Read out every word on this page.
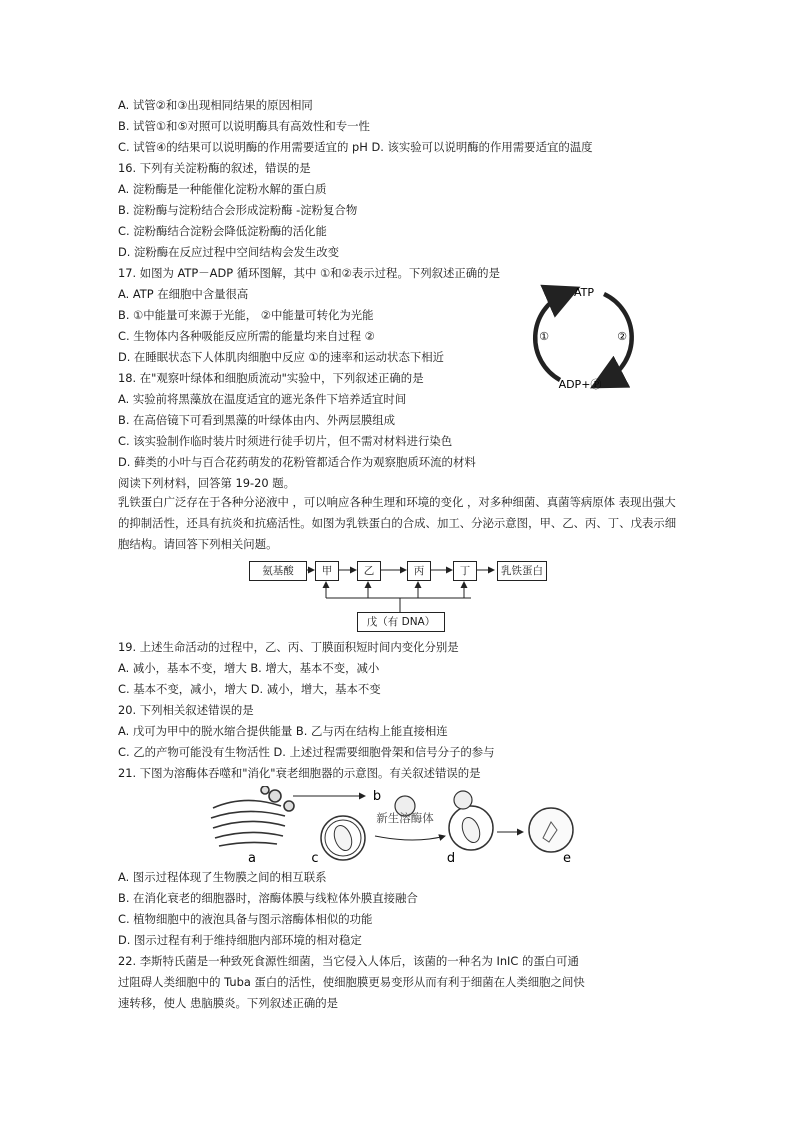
A. 试管②和③出现相同结果的原因相同
B. 试管①和⑤对照可以说明酶具有高效性和专一性
C. 试管④的结果可以说明酶的作用需要适宜的 pH D. 该实验可以说明酶的作用需要适宜的温度
16. 下列有关淀粉酶的叙述，错误的是
A. 淀粉酶是一种能催化淀粉水解的蛋白质
B. 淀粉酶与淀粉结合会形成淀粉酶 -淀粉复合物
C. 淀粉酶结合淀粉会降低淀粉酶的活化能
D. 淀粉酶在反应过程中空间结构会发生改变
17. 如图为 ATP－ADP 循环图解，其中 ①和②表示过程。下列叙述正确的是
A. ATP 在细胞中含量很高
B. ①中能量可来源于光能， ②中能量可转化为光能
C. 生物体内各种吸能反应所需的能量均来自过程 ②
D. 在睡眠状态下人体肌肉细胞中反应 ①的速率和运动状态下相近
ATP
①	②
ADP+Ⓟ
18. 在"观察叶绿体和细胞质流动"实验中，下列叙述正确的是
A. 实验前将黑藻放在温度适宜的遮光条件下培养适宜时间
B. 在高倍镜下可看到黑藻的叶绿体由内、外两层膜组成
C. 该实验制作临时装片时须进行徒手切片，但不需对材料进行染色
D. 藓类的小叶与百合花药萌发的花粉管都适合作为观察胞质环流的材料
阅读下列材料，回答第 19-20 题。
乳铁蛋白广泛存在于各种分泌液中 ，可以响应各种生理和环境的变化 ，对多种细菌、真菌等病原体 表现出强大的抑制活性，还具有抗炎和抗癌活性。如图为乳铁蛋白的合成、加工、分泌示意图，甲、乙、丙、丁、戊表示细胞结构。请回答下列相关问题。
氨基酸	甲	乙	丙	丁	乳铁蛋白
戊（有 DNA）
19. 上述生命活动的过程中，乙、丙、丁膜面积短时间内变化分别是
A. 减小，基本不变，增大 B. 增大，基本不变，减小
C. 基本不变，减小，增大 D. 减小，增大，基本不变
20. 下列相关叙述错误的是
A. 戊可为甲中的脱水缩合提供能量 B. 乙与丙在结构上能直接相连
C. 乙的产物可能没有生物活性 D. 上述过程需要细胞骨架和信号分子的参与
21. 下图为溶酶体吞噬和"消化"衰老细胞器的示意图。有关叙述错误的是
a
b
新生溶酶体
c	d	e
A. 图示过程体现了生物膜之间的相互联系
B. 在消化衰老的细胞器时，溶酶体膜与线粒体外膜直接融合
C. 植物细胞中的液泡具备与图示溶酶体相似的功能
D. 图示过程有利于维持细胞内部环境的相对稳定
22. 李斯特氏菌是一种致死食源性细菌，当它侵入人体后，该菌的一种名为 InIC 的蛋白可通
过阻碍人类细胞中的 Tuba 蛋白的活性，使细胞膜更易变形从而有利于细菌在人类细胞之间快
速转移，使人 患脑膜炎。下列叙述正确的是
